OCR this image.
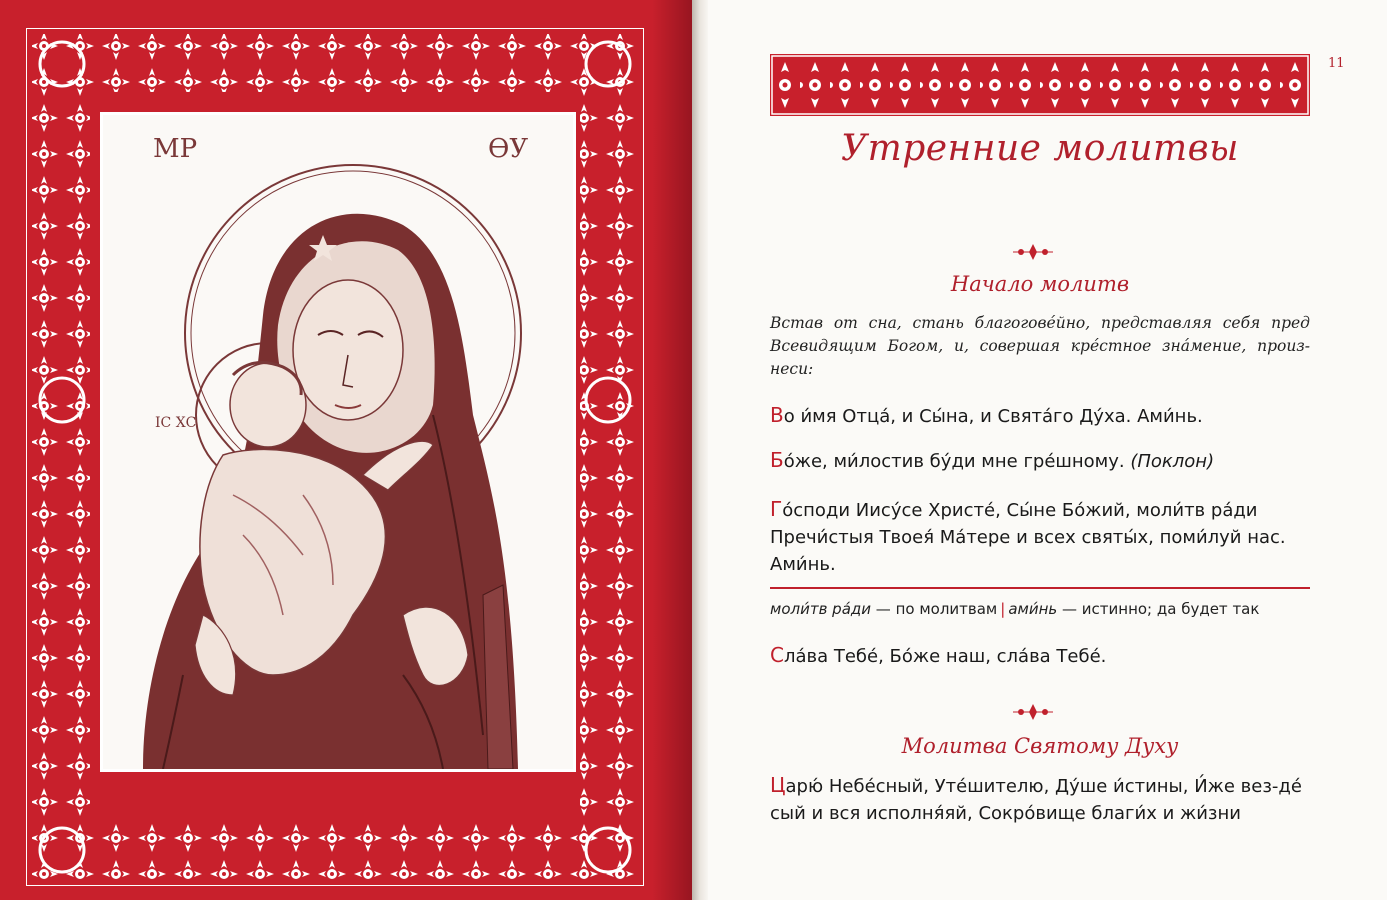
МР	ѲУ
ІС ХС
11
Утренние молитвы
Начало молитв
Встав от сна, стань благогове́йно, представляя себя пред Всевидящим Богом, и, совершая кре́стное зна́мение, произ-неси:
Во и́мя Отца́, и Сы́на, и Свята́го Ду́ха. Ами́нь.
Бо́же, ми́лостив бу́ди мне гре́шному. (Поклон)
Го́споди Иису́се Христе́, Сы́не Бо́жий, моли́тв ра́ди Пречи́стыя Твоея́ Ма́тере и всех святы́х, поми́луй нас. Ами́нь.
моли́тв ра́ди — по молитвам | ами́нь — истинно; да будет так
Сла́ва Тебе́, Бо́же наш, сла́ва Тебе́.
Молитва Святому Духу
Царю́ Небе́сный, Уте́шителю, Ду́ше и́стины, И́же вез-де́ сый и вся исполня́яй, Сокро́вище благи́х и жи́зни
